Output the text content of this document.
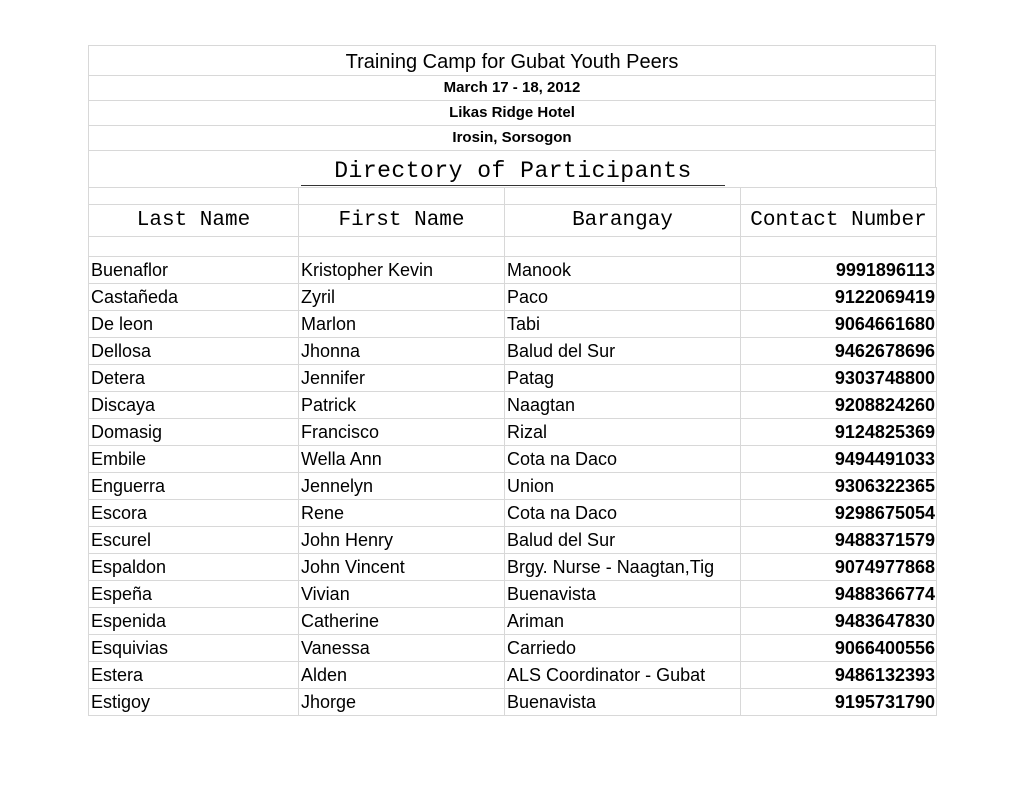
Training Camp for Gubat Youth Peers
March 17 - 18, 2012
Likas Ridge Hotel
Irosin, Sorsogon
Directory of Participants

Last Name	First Name	Barangay	Contact Number

Buenaflor	Kristopher Kevin	Manook	9991896113
Castañeda	Zyril	Paco	9122069419
De leon	Marlon	Tabi	9064661680
Dellosa	Jhonna	Balud del Sur	9462678696
Detera	Jennifer	Patag	9303748800
Discaya	Patrick	Naagtan	9208824260
Domasig	Francisco	Rizal	9124825369
Embile	Wella Ann	Cota na Daco	9494491033
Enguerra	Jennelyn	Union	9306322365
Escora	Rene	Cota na Daco	9298675054
Escurel	John Henry	Balud del Sur	9488371579
Espaldon	John Vincent	Brgy. Nurse - Naagtan,Tig	9074977868
Espeña	Vivian	Buenavista	9488366774
Espenida	Catherine	Ariman	9483647830
Esquivias	Vanessa	Carriedo	9066400556
Estera	Alden	ALS Coordinator - Gubat	9486132393
Estigoy	Jhorge	Buenavista	9195731790
